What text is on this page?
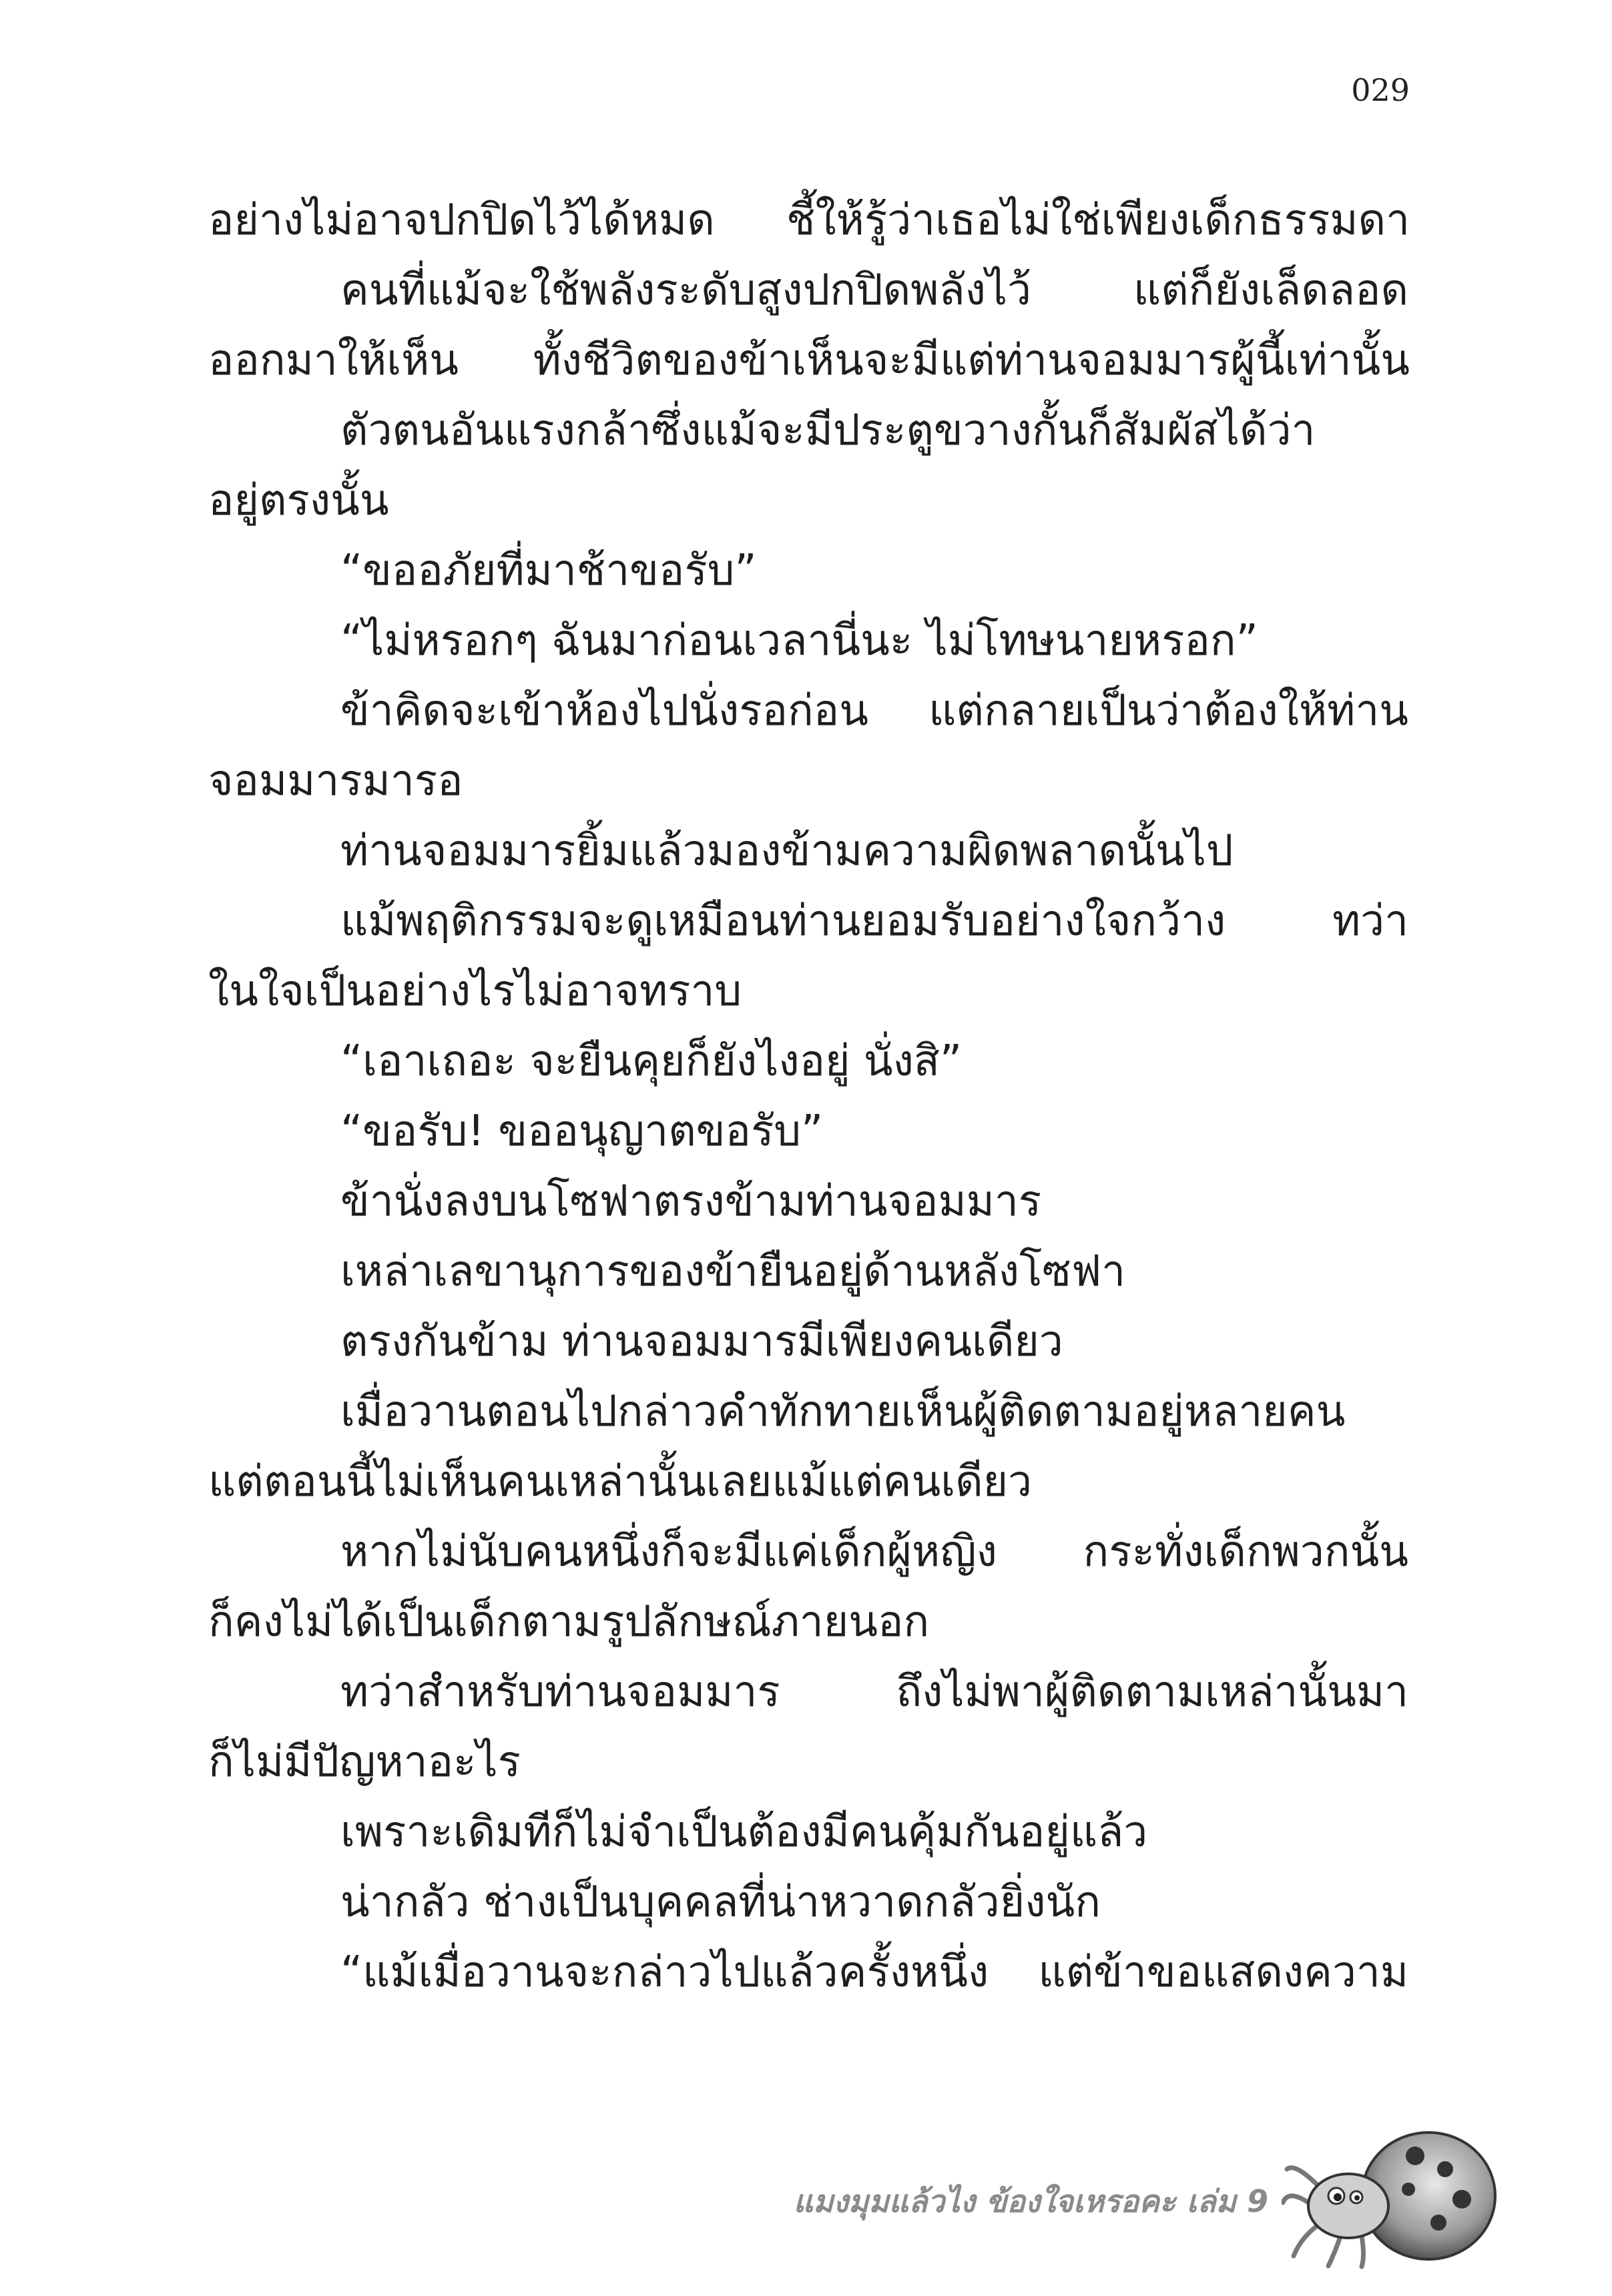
029

อย่างไม่อาจปกปิดไว้ได้หมด ชี้ให้รู้ว่าเธอไม่ใช่เพียงเด็กธรรมดา

คนที่แม้จะใช้พลังระดับสูงปกปิดพลังไว้ แต่ก็ยังเล็ดลอด

ออกมาให้เห็น ทั้งชีวิตของข้าเห็นจะมีแต่ท่านจอมมารผู้นี้เท่านั้น

ตัวตนอันแรงกล้าซึ่งแม้จะมีประตูขวางกั้นก็สัมผัสได้ว่า

อยู่ตรงนั้น

“ขออภัยที่มาช้าขอรับ”

“ไม่หรอกๆ ฉันมาก่อนเวลานี่นะ ไม่โทษนายหรอก”

ข้าคิดจะเข้าห้องไปนั่งรอก่อน แต่กลายเป็นว่าต้องให้ท่าน

จอมมารมารอ

ท่านจอมมารยิ้มแล้วมองข้ามความผิดพลาดนั้นไป

แม้พฤติกรรมจะดูเหมือนท่านยอมรับอย่างใจกว้าง ทว่า

ในใจเป็นอย่างไรไม่อาจทราบ

“เอาเถอะ จะยืนคุยก็ยังไงอยู่ นั่งสิ”

“ขอรับ! ขออนุญาตขอรับ”

ข้านั่งลงบนโซฟาตรงข้ามท่านจอมมาร

เหล่าเลขานุการของข้ายืนอยู่ด้านหลังโซฟา

ตรงกันข้าม ท่านจอมมารมีเพียงคนเดียว

เมื่อวานตอนไปกล่าวคำทักทายเห็นผู้ติดตามอยู่หลายคน

แต่ตอนนี้ไม่เห็นคนเหล่านั้นเลยแม้แต่คนเดียว

หากไม่นับคนหนึ่งก็จะมีแค่เด็กผู้หญิง กระทั่งเด็กพวกนั้น

ก็คงไม่ได้เป็นเด็กตามรูปลักษณ์ภายนอก

ทว่าสำหรับท่านจอมมาร ถึงไม่พาผู้ติดตามเหล่านั้นมา

ก็ไม่มีปัญหาอะไร

เพราะเดิมทีก็ไม่จำเป็นต้องมีคนคุ้มกันอยู่แล้ว

น่ากลัว ช่างเป็นบุคคลที่น่าหวาดกลัวยิ่งนัก

“แม้เมื่อวานจะกล่าวไปแล้วครั้งหนึ่ง แต่ข้าขอแสดงความ

แมงมุมแล้วไง ข้องใจเหรอคะ เล่ม 9
